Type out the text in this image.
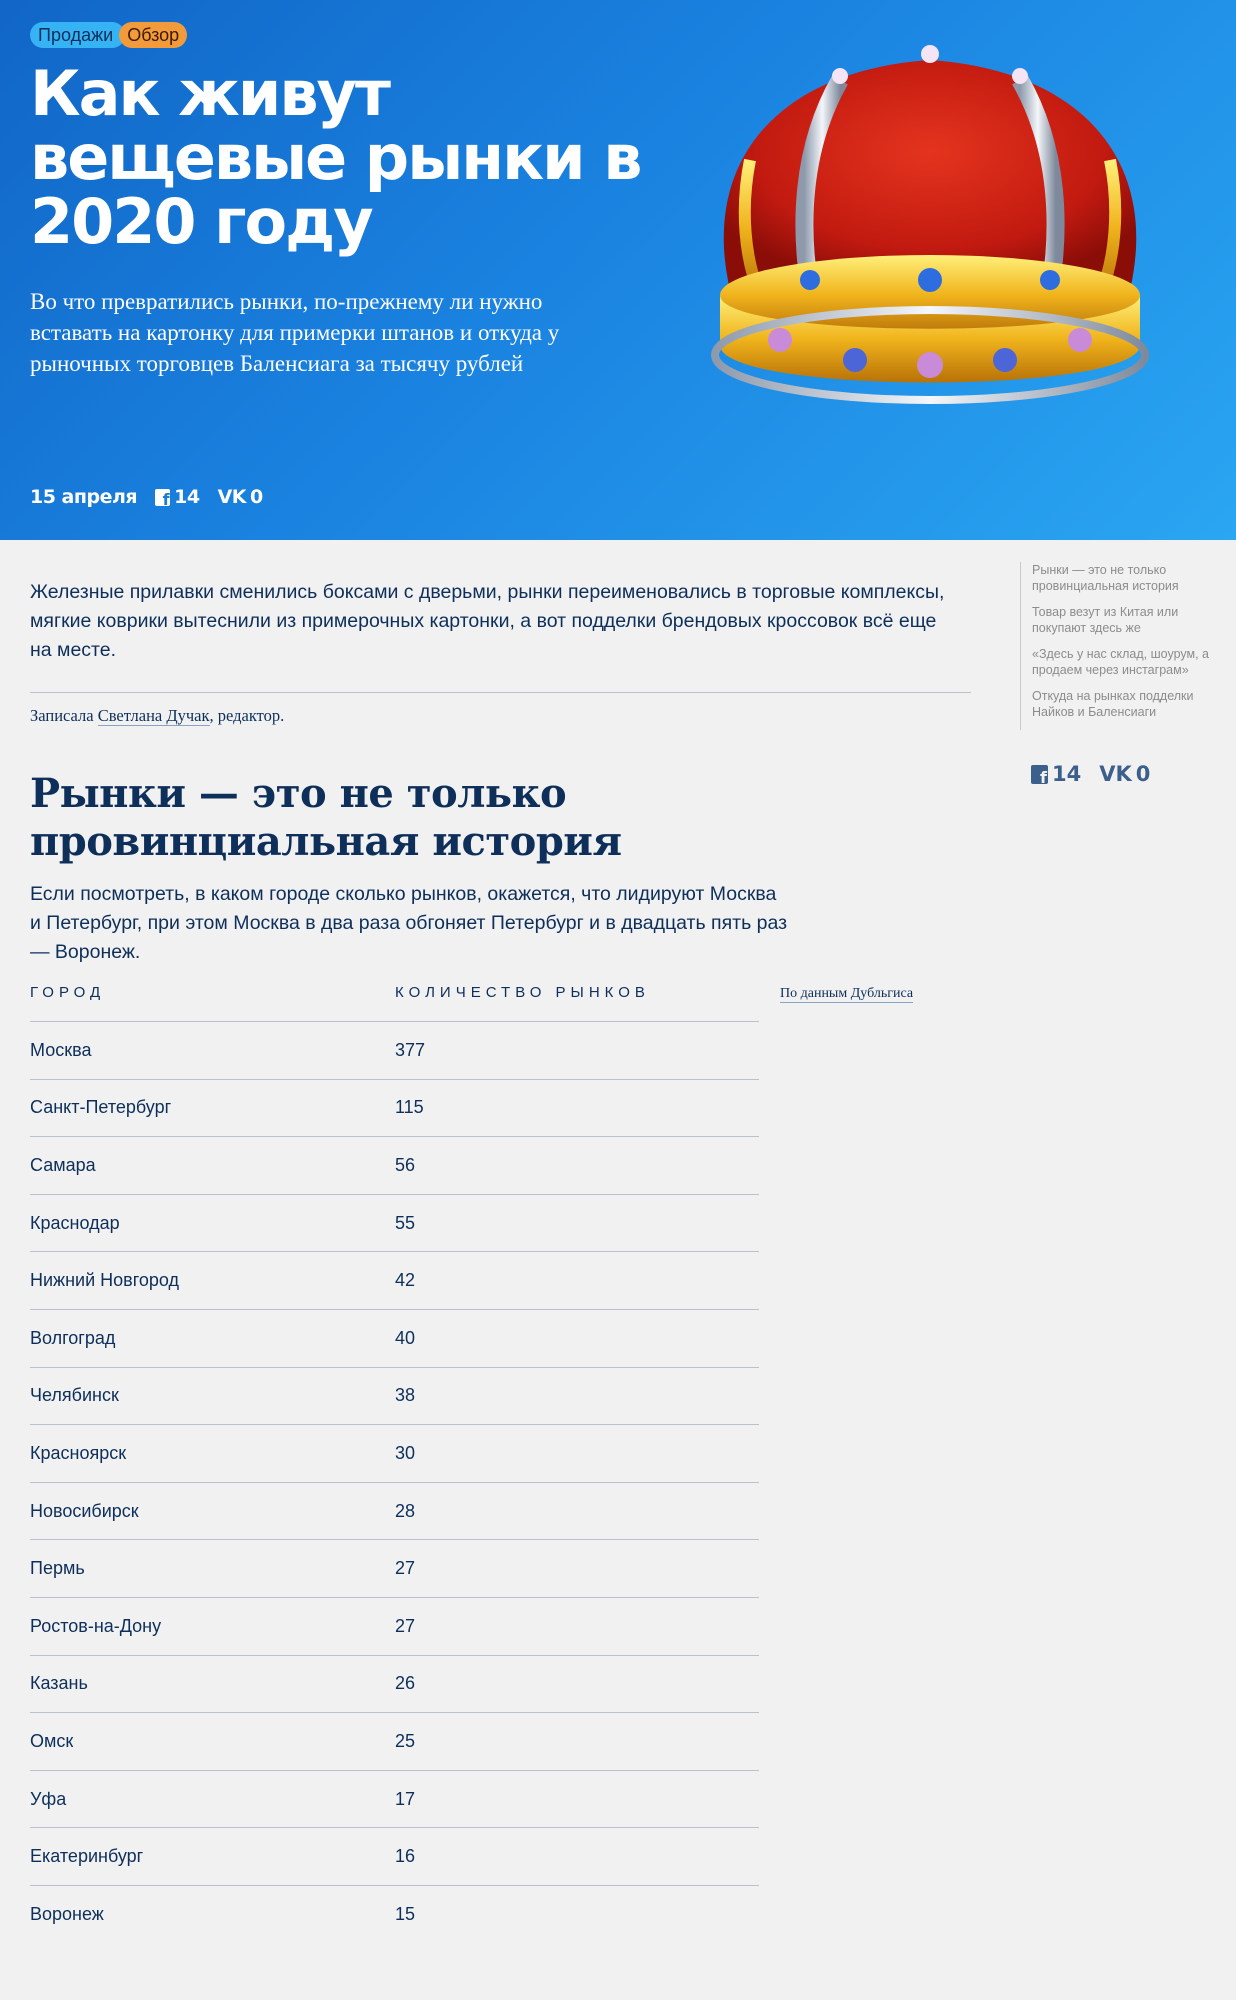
Продажи Обзор
Как живут вещевые рынки в 2020 году

Во что превратились рынки, по-прежнему ли нужно вставать на картонку для примерки штанов и откуда у рыночных торговцев Баленсиага за тысячу рублей

15 апреля f 14 VK 0
Рынки — это не только провинциальная история
Товар везут из Китая или покупают здесь же
«Здесь у нас склад, шоурум, а продаем через инстаграм»
Откуда на рынках подделки Найков и Баленсиаги
f
14 VK 0

Железные прилавки сменились боксами с дверьми, рынки переименовались в торговые комплексы, мягкие коврики вытеснили из примерочных картонки, а вот подделки брендовых кроссовок всё еще на месте.

Записала Светлана Дучак, редактор.

Рынки — это не только провинциальная история

Если посмотреть, в каком городе сколько рынков, окажется, что лидируют Москва и Петербург, при этом Москва в два раза обгоняет Петербург и в двадцать пять раз — Воронеж.

ГОРОД	КОЛИЧЕСТВО РЫНКОВ
Москва	377
Санкт-Петербург	115
Самара	56
Краснодар	55
Нижний Новгород	42
Волгоград	40
Челябинск	38
Красноярск	30
Новосибирск	28
Пермь	27
Ростов-на-Дону	27
Казань	26
Омск	25
Уфа	17
Екатеринбург	16
Воронеж	15
По данным Дубльгиса
